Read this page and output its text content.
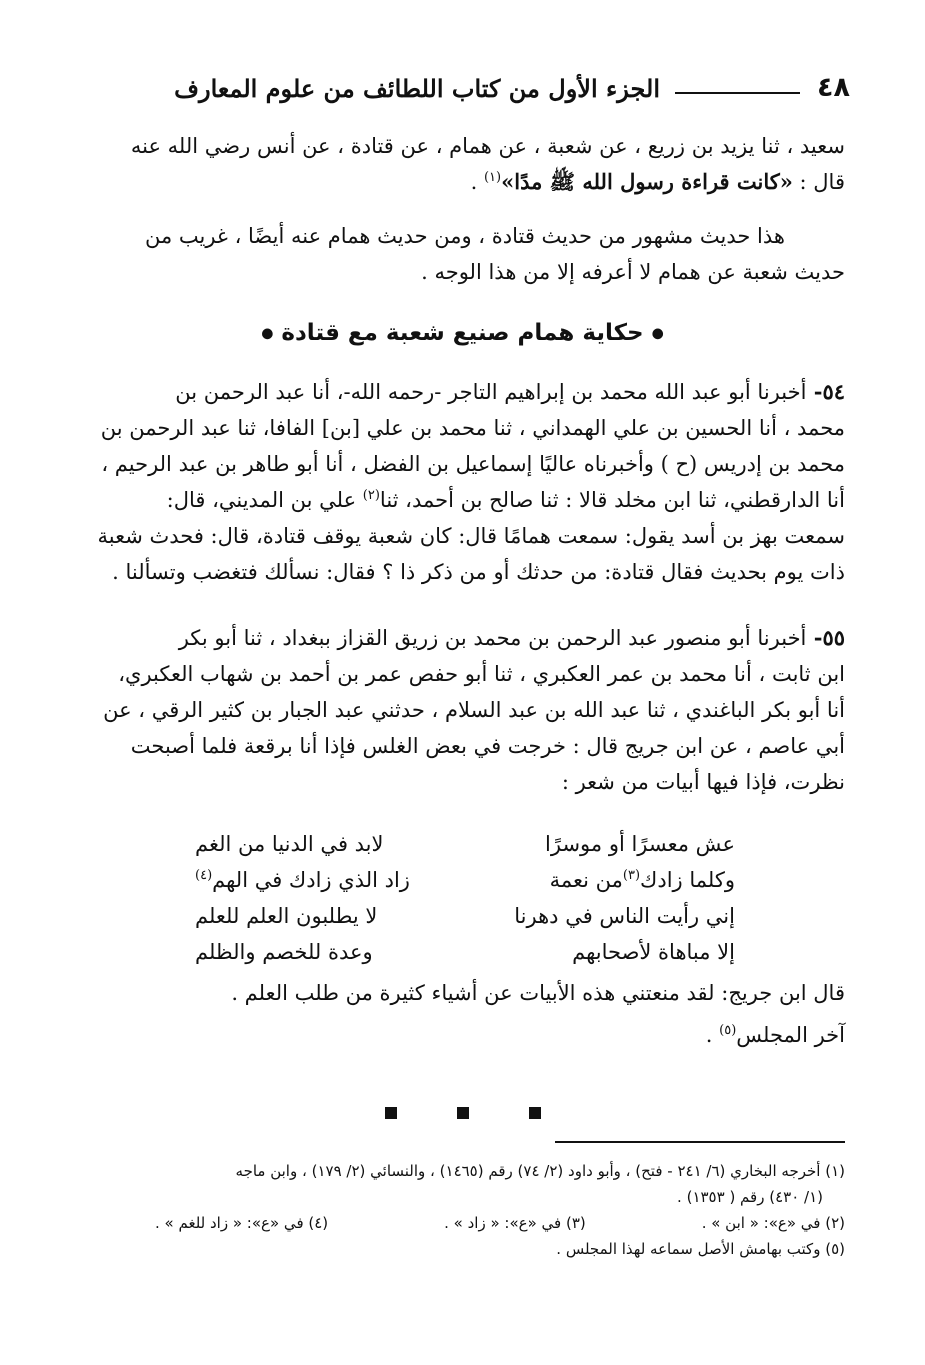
٤٨
الجزء الأول من كتاب اللطائف من علوم المعارف
سعيد ، ثنا يزيد بن زريع ، عن شعبة ، عن همام ، عن قتادة ، عن أنس رضي الله عنه
قال : «كانت قراءة رسول الله ﷺ مدًا»$^{(١)}$ .
هذا حديث مشهور من حديث قتادة ، ومن حديث همام عنه أيضًا ، غريب من
حديث شعبة عن همام لا أعرفه إلا من هذا الوجه .
● حكاية همام صنيع شعبة مع قتادة ●
٥٤- أخبرنا أبو عبد الله محمد بن إبراهيم التاجر -رحمه الله-، أنا عبد الرحمن بن
محمد ، أنا الحسين بن علي الهمداني ، ثنا محمد بن علي [بن] الفافا، ثنا عبد الرحمن بن
محمد بن إدريس (ح ) وأخبرناه عاليًا إسماعيل بن الفضل ، أنا أبو طاهر بن عبد الرحيم ،
أنا الدارقطني، ثنا ابن مخلد قالا : ثنا صالح بن أحمد، ثنا$^{(٢)}$ علي بن المديني، قال:
سمعت بهز بن أسد يقول: سمعت همامًا قال: كان شعبة يوقف قتادة، قال: فحدث شعبة
ذات يوم بحديث فقال قتادة: من حدثك أو من ذكر ذا ؟ فقال: نسألك فتغضب وتسألنا .
٥٥- أخبرنا أبو منصور عبد الرحمن بن محمد بن زريق القزاز ببغداد ، ثنا أبو بكر
ابن ثابت ، أنا محمد بن عمر العكبري ، ثنا أبو حفص عمر بن أحمد بن شهاب العكبري،
أنا أبو بكر الباغندي ، ثنا عبد الله بن عبد السلام ، حدثني عبد الجبار بن كثير الرقي ، عن
أبي عاصم ، عن ابن جريج قال : خرجت في بعض الغلس فإذا أنا برقعة فلما أصبحت
نظرت، فإذا فيها أبيات من شعر :
عش معسرًا أو موسرًا
لابد في الدنيا من الغم
وكلما زادك$^{(٣)}$من نعمة
زاد الذي زادك في الهم$^{(٤)}$
إني رأيت الناس في دهرنا
لا يطلبون العلم للعلم
إلا مباهاة لأصحابهم
وعدة للخصم والظلم
قال ابن جريج: لقد منعتني هذه الأبيات عن أشياء كثيرة من طلب العلم .
آخر المجلس$^{(٥)}$ .
(١) أخرجه البخاري (٦/ ٢٤١ - فتح) ، وأبو داود (٢/ ٧٤) رقم (١٤٦٥) ، والنسائي (٢/ ١٧٩) ، وابن ماجه
(١/ ٤٣٠) رقم ( ١٣٥٣) .
(٢) في «ع»: « ابن » .
(٣) في «ع»: « زاد » .
(٤) في «ع»: « زاد للغم » .
(٥) وكتب بهامش الأصل سماعه لهذا المجلس .
